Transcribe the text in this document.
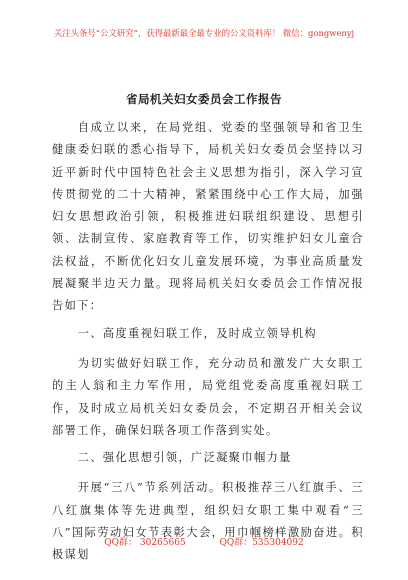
关注头条号“公文研究”，获得最新最全最专业的公文资料库！ 微信：gongwenyj
省局机关妇女委员会工作报告

自成立以来，在局党组、党委的坚强领导和省卫生健康委妇联的悉心指导下，局机关妇女委员会坚持以习近平新时代中国特色社会主义思想为指引，深入学习宣传贯彻党的二十大精神，紧紧围绕中心工作大局，加强妇女思想政治引领，积极推进妇联组织建设、思想引领、法制宣传、家庭教育等工作，切实维护妇女儿童合法权益，不断优化妇女儿童发展环境，为事业高质量发展凝聚半边天力量。现将局机关妇女委员会工作情况报告如下：

一、高度重视妇联工作，及时成立领导机构

为切实做好妇联工作，充分动员和激发广大女职工的主人翁和主力军作用，局党组党委高度重视妇联工作，及时成立局机关妇女委员会，不定期召开相关会议部署工作，确保妇联各项工作落到实处。

二、强化思想引领，广泛凝聚巾帼力量

开展“三八”节系列活动。积极推荐三八红旗手、三八红旗集体等先进典型，组织妇女职工集中观看“三八”国际劳动妇女节表彰大会，用巾帼榜样激励奋进。积极谋划

QQ群： 30265665	QQ群：535304092
